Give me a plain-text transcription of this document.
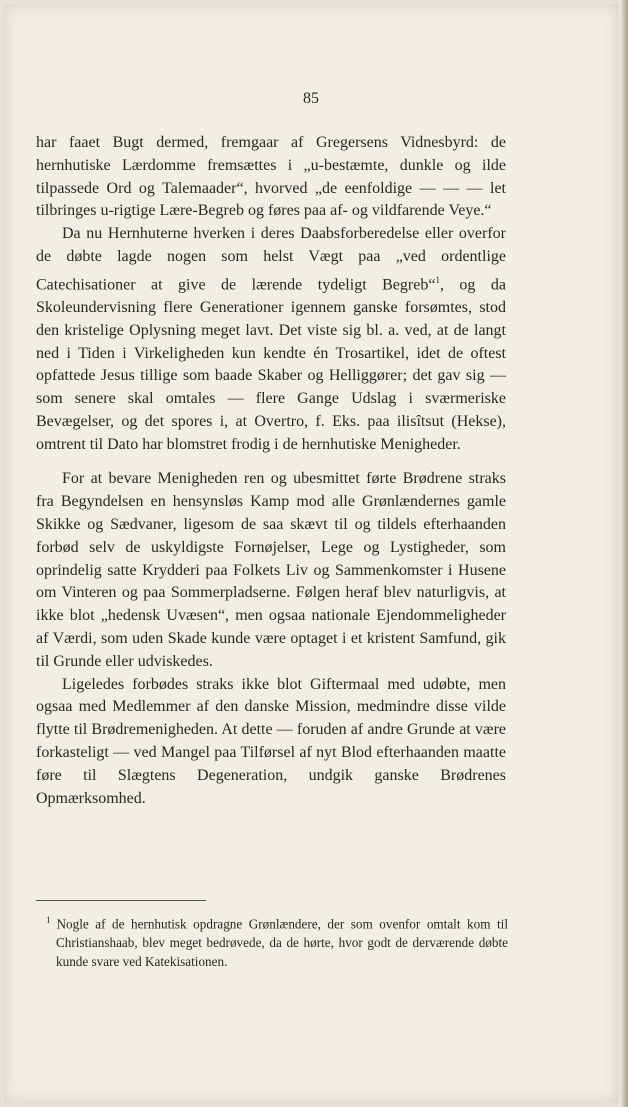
85

har faaet Bugt dermed, fremgaar af Gregersens Vidnesbyrd: de hernhutiske Lærdomme fremsættes i „u-bestæmte, dunkle og ilde tilpassede Ord og Talemaader“, hvorved „de eenfoldige — — — let tilbringes u-rigtige Lære-Begreb og føres paa af- og vildfarende Veye.“

Da nu Hernhuterne hverken i deres Daabsforberedelse eller overfor de døbte lagde nogen som helst Vægt paa „ved ordentlige Catechisationer at give de lærende tydeligt Begreb“$^1$, og da Skoleundervisning flere Generationer igennem ganske forsømtes, stod den kristelige Oplysning meget lavt. Det viste sig bl. a. ved, at de langt ned i Tiden i Virkeligheden kun kendte én Trosartikel, idet de oftest opfattede Jesus tillige som baade Skaber og Helliggører; det gav sig — som senere skal omtales — flere Gange Udslag i sværmeriske Bevægelser, og det spores i, at Overtro, f. Eks. paa ilisîtsut (Hekse), omtrent til Dato har blomstret frodig i de hernhutiske Menigheder.

For at bevare Menigheden ren og ubesmittet førte Brødrene straks fra Begyndelsen en hensynsløs Kamp mod alle Grønlændernes gamle Skikke og Sædvaner, ligesom de saa skævt til og tildels efterhaanden forbød selv de uskyldigste Fornøjelser, Lege og Lystigheder, som oprindelig satte Krydderi paa Folkets Liv og Sammenkomster i Husene om Vinteren og paa Sommerpladserne. Følgen heraf blev naturligvis, at ikke blot „hedensk Uvæsen“, men ogsaa nationale Ejendommeligheder af Værdi, som uden Skade kunde være optaget i et kristent Samfund, gik til Grunde eller udviskedes.

Ligeledes forbødes straks ikke blot Giftermaal med udøbte, men ogsaa med Medlemmer af den danske Mission, medmindre disse vilde flytte til Brødremenigheden. At dette — foruden af andre Grunde at være forkasteligt — ved Mangel paa Tilførsel af nyt Blod efterhaanden maatte føre til Slægtens Degeneration, undgik ganske Brødrenes Opmærksomhed.

$^1$ Nogle af de hernhutisk opdragne Grønlændere, der som ovenfor omtalt kom til Christianshaab, blev meget bedrøvede, da de hørte, hvor godt de derværende døbte kunde svare ved Katekisationen.
